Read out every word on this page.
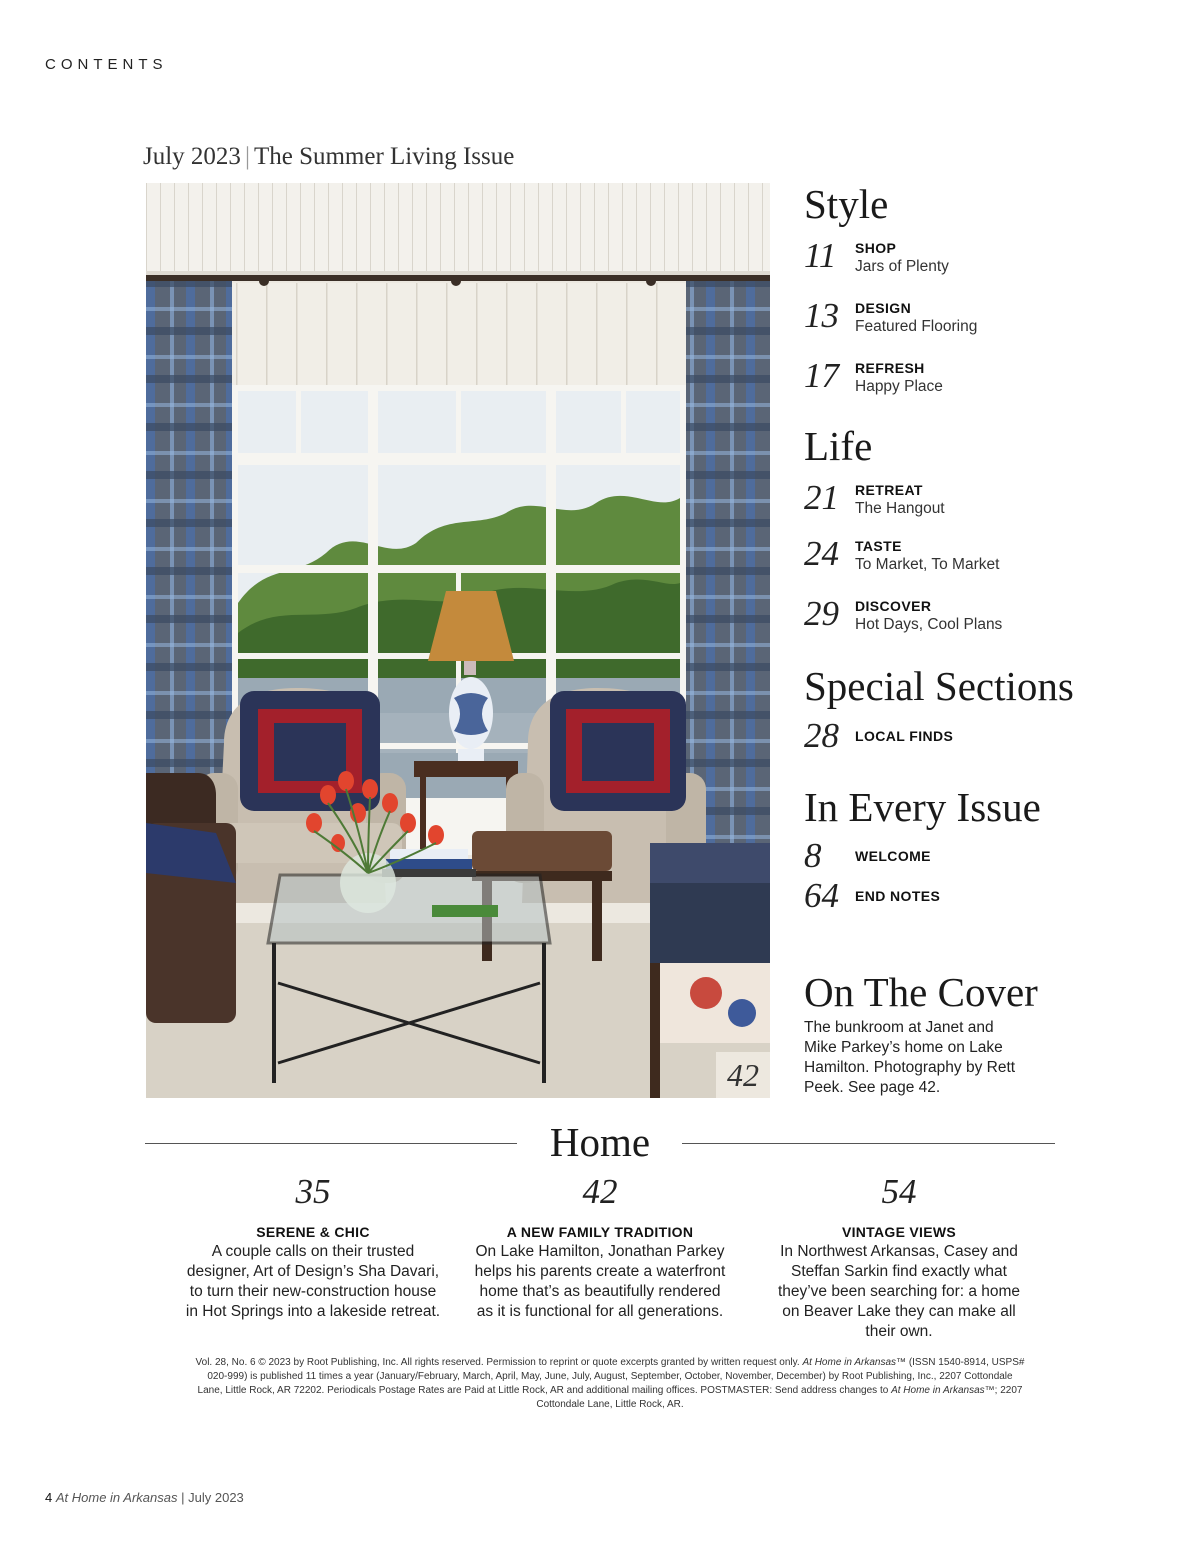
CONTENTS
July 2023 | The Summer Living Issue
42
Style
11	SHOP
Jars of Plenty
13	DESIGN
Featured Flooring
17	REFRESH
Happy Place
Life
21	RETREAT
The Hangout
24	TASTE
To Market, To Market
29	DISCOVER
Hot Days, Cool Plans
Special Sections
28	LOCAL FINDS
In Every Issue
8	WELCOME
64	END NOTES
On The Cover
The bunkroom at Janet and Mike Parkey’s home on Lake Hamilton. Photography by Rett Peek. See page 42.
Home
35
SERENE & CHIC
A couple calls on their trusted designer, Art of Design’s Sha Davari, to turn their new-construction house in Hot Springs into a lakeside retreat.
42
A NEW FAMILY TRADITION
On Lake Hamilton, Jonathan Parkey helps his parents create a waterfront home that’s as beautifully rendered as it is functional for all generations.
54
VINTAGE VIEWS
In Northwest Arkansas, Casey and Steffan Sarkin find exactly what they’ve been searching for: a home on Beaver Lake they can make all their own.
Vol. 28, No. 6 © 2023 by Root Publishing, Inc. All rights reserved. Permission to reprint or quote excerpts granted by written request only. At Home in Arkansas™ (ISSN 1540-8914, USPS# 020-999) is published 11 times a year (January/February, March, April, May, June, July, August, September, October, November, December) by Root Publishing, Inc., 2207 Cottondale Lane, Little Rock, AR 72202. Periodicals Postage Rates are Paid at Little Rock, AR and additional mailing offices. POSTMASTER: Send address changes to At Home in Arkansas™; 2207 Cottondale Lane, Little Rock, AR.
4 At Home in Arkansas | July 2023
